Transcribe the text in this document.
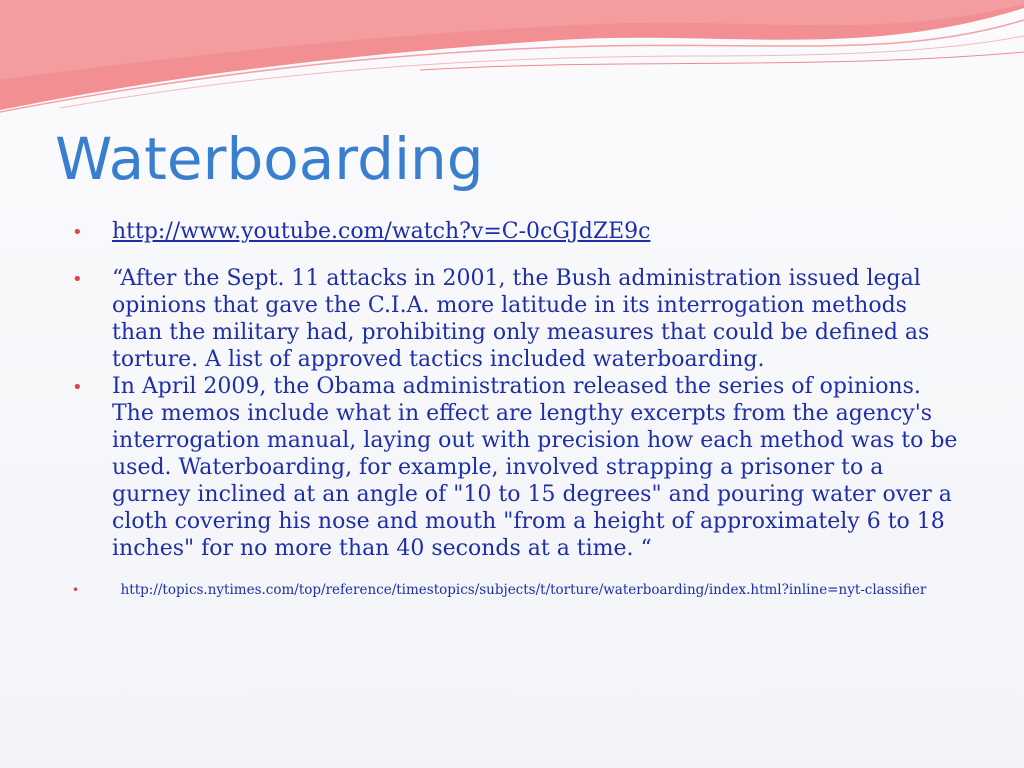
Waterboarding
• http://www.youtube.com/watch?v=C-0cGJdZE9c
• “After the Sept. 11 attacks in 2001, the Bush administration issued legal opinions that gave the C.I.A. more latitude in its interrogation methods than the military had, prohibiting only measures that could be defined as torture. A list of approved tactics included waterboarding.
• In April 2009, the Obama administration released the series of opinions. The memos include what in effect are lengthy excerpts from the agency's interrogation manual, laying out with precision how each method was to be used. Waterboarding, for example, involved strapping a prisoner to a gurney inclined at an angle of "10 to 15 degrees" and pouring water over a cloth covering his nose and mouth "from a height of approximately 6 to 18 inches" for no more than 40 seconds at a time. “
• http://topics.nytimes.com/top/reference/timestopics/subjects/t/torture/waterboarding/index.html?inline=nyt-classifier
